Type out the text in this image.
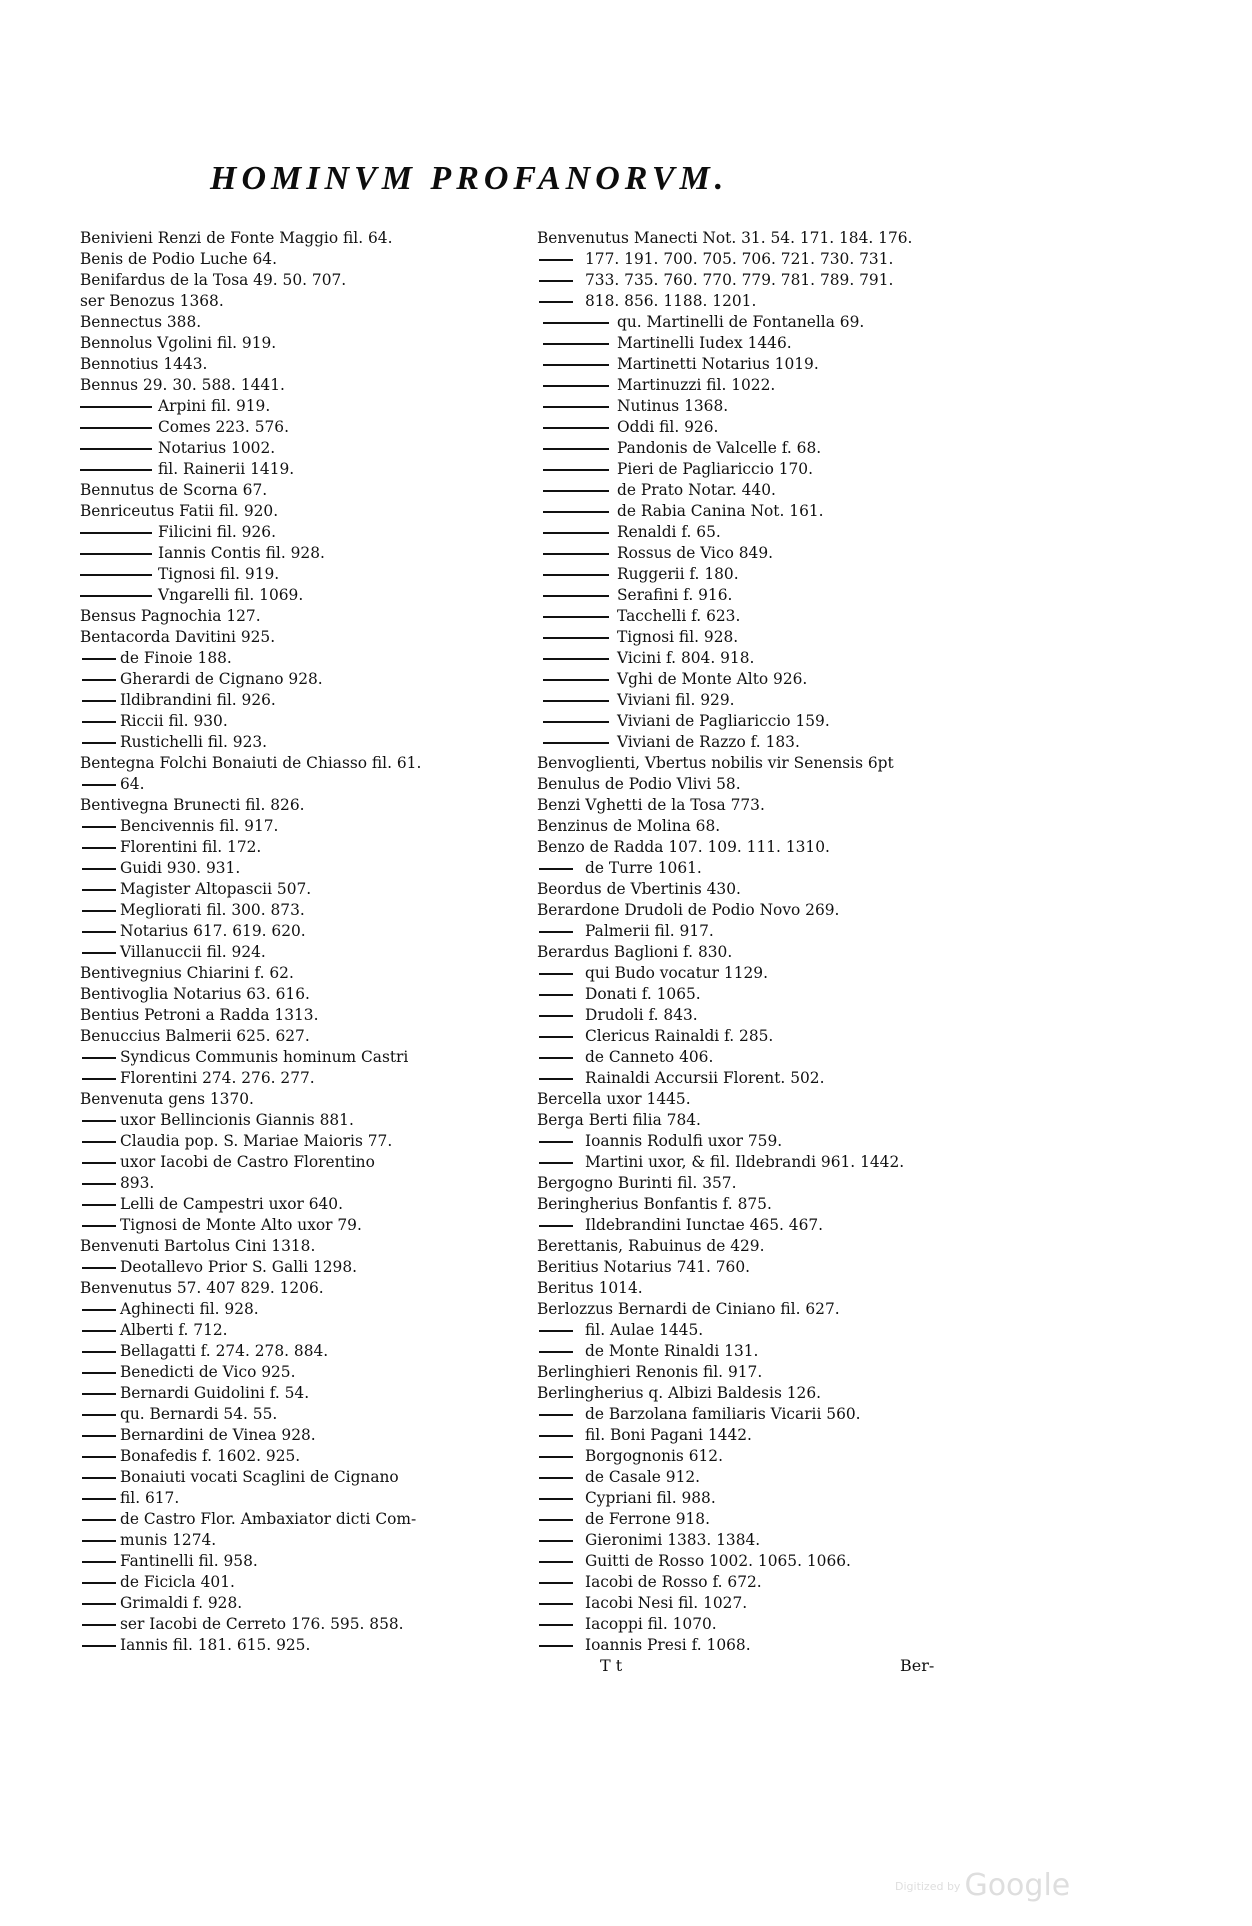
HOMINVM PROFANORVM.
Benivieni Renzi de Fonte Maggio fil. 64.
Benis de Podio Luche 64.
Benifardus de la Tosa 49. 50. 707.
ser Benozus 1368.
Bennectus 388.
Bennolus Vgolini fil. 919.
Bennotius 1443.
Bennus 29. 30. 588. 1441.
Arpini fil. 919.
Comes 223. 576.
Notarius 1002.
fil. Rainerii 1419.
Bennutus de Scorna 67.
Benriceutus Fatii fil. 920.
Filicini fil. 926.
Iannis Contis fil. 928.
Tignosi fil. 919.
Vngarelli fil. 1069.
Bensus Pagnochia 127.
Bentacorda Davitini 925.
de Finoie 188.
Gherardi de Cignano 928.
Ildibrandini fil. 926.
Riccii fil. 930.
Rustichelli fil. 923.
Bentegna Folchi Bonaiuti de Chiasso fil. 61.
64.
Bentivegna Brunecti fil. 826.
Bencivennis fil. 917.
Florentini fil. 172.
Guidi 930. 931.
Magister Altopascii 507.
Megliorati fil. 300. 873.
Notarius 617. 619. 620.
Villanuccii fil. 924.
Bentivegnius Chiarini f. 62.
Bentivoglia Notarius 63. 616.
Bentius Petroni a Radda 1313.
Benuccius Balmerii 625. 627.
Syndicus Communis hominum Castri
Florentini 274. 276. 277.
Benvenuta gens 1370.
uxor Bellincionis Giannis 881.
Claudia pop. S. Mariae Maioris 77.
uxor Iacobi de Castro Florentino
893.
Lelli de Campestri uxor 640.
Tignosi de Monte Alto uxor 79.
Benvenuti Bartolus Cini 1318.
Deotallevo Prior S. Galli 1298.
Benvenutus 57. 407 829. 1206.
Aghinecti fil. 928.
Alberti f. 712.
Bellagatti f. 274. 278. 884.
Benedicti de Vico 925.
Bernardi Guidolini f. 54.
qu. Bernardi 54. 55.
Bernardini de Vinea 928.
Bonafedis f. 1602. 925.
Bonaiuti vocati Scaglini de Cignano
fil. 617.
de Castro Flor. Ambaxiator dicti Com-
munis 1274.
Fantinelli fil. 958.
de Ficicla 401.
Grimaldi f. 928.
ser Iacobi de Cerreto 176. 595. 858.
Iannis fil. 181. 615. 925.
Benvenutus Manecti Not. 31. 54. 171. 184. 176.
177. 191. 700. 705. 706. 721. 730. 731.
733. 735. 760. 770. 779. 781. 789. 791.
818. 856. 1188. 1201.
qu. Martinelli de Fontanella 69.
Martinelli Iudex 1446.
Martinetti Notarius 1019.
Martinuzzi fil. 1022.
Nutinus 1368.
Oddi fil. 926.
Pandonis de Valcelle f. 68.
Pieri de Pagliariccio 170.
de Prato Notar. 440.
de Rabia Canina Not. 161.
Renaldi f. 65.
Rossus de Vico 849.
Ruggerii f. 180.
Serafini f. 916.
Tacchelli f. 623.
Tignosi fil. 928.
Vicini f. 804. 918.
Vghi de Monte Alto 926.
Viviani fil. 929.
Viviani de Pagliariccio 159.
Viviani de Razzo f. 183.
Benvoglienti, Vbertus nobilis vir Senensis 6pt
Benulus de Podio Vlivi 58.
Benzi Vghetti de la Tosa 773.
Benzinus de Molina 68.
Benzo de Radda 107. 109. 111. 1310.
de Turre 1061.
Beordus de Vbertinis 430.
Berardone Drudoli de Podio Novo 269.
Palmerii fil. 917.
Berardus Baglioni f. 830.
qui Budo vocatur 1129.
Donati f. 1065.
Drudoli f. 843.
Clericus Rainaldi f. 285.
de Canneto 406.
Rainaldi Accursii Florent. 502.
Bercella uxor 1445.
Berga Berti filia 784.
Ioannis Rodulfi uxor 759.
Martini uxor, & fil. Ildebrandi 961. 1442.
Bergogno Burinti fil. 357.
Beringherius Bonfantis f. 875.
Ildebrandini Iunctae 465. 467.
Berettanis, Rabuinus de 429.
Beritius Notarius 741. 760.
Beritus 1014.
Berlozzus Bernardi de Ciniano fil. 627.
fil. Aulae 1445.
de Monte Rinaldi 131.
Berlinghieri Renonis fil. 917.
Berlingherius q. Albizi Baldesis 126.
de Barzolana familiaris Vicarii 560.
fil. Boni Pagani 1442.
Borgognonis 612.
de Casale 912.
Cypriani fil. 988.
de Ferrone 918.
Gieronimi 1383. 1384.
Guitti de Rosso 1002. 1065. 1066.
Iacobi de Rosso f. 672.
Iacobi Nesi fil. 1027.
Iacoppi fil. 1070.
Ioannis Presi f. 1068.
T t	Ber-
Digitized by Google
